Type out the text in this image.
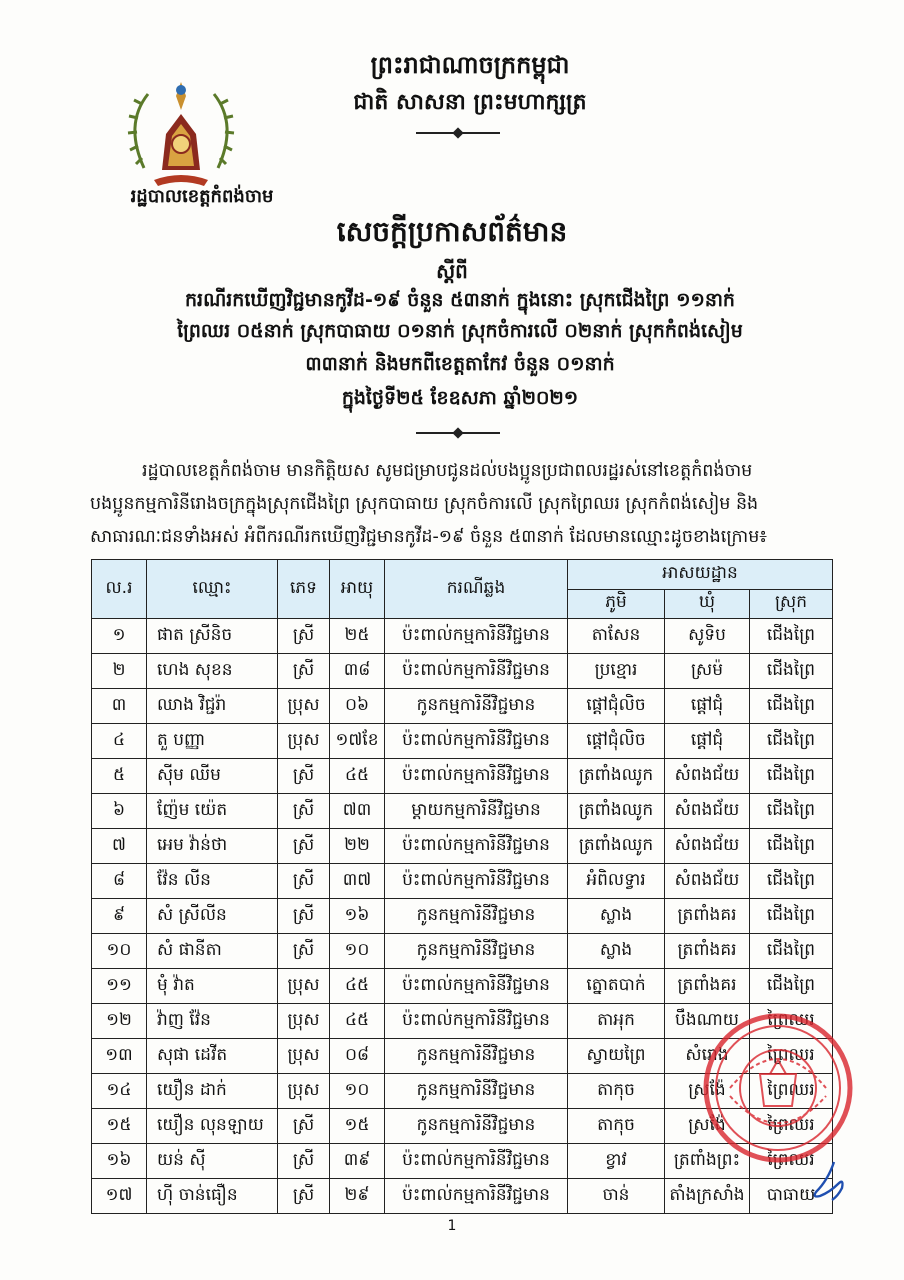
ព្រះរាជាណាចក្រកម្ពុជា
ជាតិ សាសនា ព្រះមហាក្សត្រ
រដ្ឋបាលខេត្តកំពង់ចាម
សេចក្ដីប្រកាសព័ត៌មាន
ស្ដីពី
ករណីរកឃើញវិជ្ជមានកូវីដ-១៩ ចំនួន ៥៣នាក់ ក្នុងនោះ ស្រុកជើងព្រៃ ១១នាក់
ព្រៃឈរ ០៥នាក់ ស្រុកបាធាយ ០១នាក់ ស្រុកចំការលើ ០២នាក់ ស្រុកកំពង់សៀម
៣៣នាក់ និងមកពីខេត្តតាកែវ ចំនួន ០១នាក់
ក្នុងថ្ងៃទី២៥ ខែឧសភា ឆ្នាំ២០២១
រដ្ឋបាលខេត្តកំពង់ចាម មានកិត្តិយស សូមជម្រាបជូនដល់បងប្អូនប្រជាពលរដ្ឋរស់នៅខេត្តកំពង់ចាម
បងប្អូនកម្មការិនីរោងចក្រក្នុងស្រុកជើងព្រៃ ស្រុកបាធាយ ស្រុកចំការលើ ស្រុកព្រៃឈរ ស្រុកកំពង់សៀម និង
សាធារណៈជនទាំងអស់ អំពីករណីរកឃើញវិជ្ជមានកូវីដ-១៩ ចំនួន ៥៣នាក់ ដែលមានឈ្មោះដូចខាងក្រោម៖
ល.រ	ឈ្មោះ	ភេទ	អាយុ	ករណីឆ្លង	អាសយដ្ឋាន		
					ភូមិ	ឃុំ	ស្រុក
១	ផាត ស្រីនិច	ស្រី	២៥	ប៉ះពាល់កម្មការិនីវិជ្ជមាន	តាសែន	សូទិប	ជើងព្រៃ
២	ហេង សុខន	ស្រី	៣៨	ប៉ះពាល់កម្មការិនីវិជ្ជមាន	ប្រខ្មោរ	ស្រម៉	ជើងព្រៃ
៣	ឈាង វិជ្ជរ៉ា	ប្រុស	០៦	កូនកម្មការិនីវិជ្ជមាន	ផ្ដៅជុំលិច	ផ្ដៅជុំ	ជើងព្រៃ
៤	តួ បញ្ញា	ប្រុស	១៧ខែ	ប៉ះពាល់កម្មការិនីវិជ្ជមាន	ផ្ដៅជុំលិច	ផ្ដៅជុំ	ជើងព្រៃ
៥	ស៊ីម ឈីម	ស្រី	៤៥	ប៉ះពាល់កម្មការិនីវិជ្ជមាន	ត្រពាំងឈូក	សំពងជ័យ	ជើងព្រៃ
៦	ញ៉ែម យ៉េត	ស្រី	៧៣	ម្ដាយកម្មការិនីវិជ្ជមាន	ត្រពាំងឈូក	សំពងជ័យ	ជើងព្រៃ
៧	អេម វ៉ាន់ថា	ស្រី	២២	ប៉ះពាល់កម្មការិនីវិជ្ជមាន	ត្រពាំងឈូក	សំពងជ័យ	ជើងព្រៃ
៨	វ៉ែន លីន	ស្រី	៣៧	ប៉ះពាល់កម្មការិនីវិជ្ជមាន	អំពិលទ្វារ	សំពងជ័យ	ជើងព្រៃ
៩	សំ ស្រីលីន	ស្រី	១៦	កូនកម្មការិនីវិជ្ជមាន	ស្លាង	ត្រពាំងគរ	ជើងព្រៃ
១០	សំ ផានីតា	ស្រី	១០	កូនកម្មការិនីវិជ្ជមាន	ស្លាង	ត្រពាំងគរ	ជើងព្រៃ
១១	មុំ វ៉ាត	ប្រុស	៤៥	ប៉ះពាល់កម្មការិនីវិជ្ជមាន	ត្នោតបាក់	ត្រពាំងគរ	ជើងព្រៃ
១២	វ៉ាញ វ៉ែន	ប្រុស	៤៥	ប៉ះពាល់កម្មការិនីវិជ្ជមាន	តាអុក	បឹងណាយ	ព្រៃឈរ
១៣	សុផា ដេវីត	ប្រុស	០៨	កូនកម្មការិនីវិជ្ជមាន	ស្វាយព្រៃ	សំរោង	ព្រៃឈរ
១៤	យឿន ដាក់	ប្រុស	១០	កូនកម្មការិនីវិជ្ជមាន	តាកុច	ស្រង៉ែ	ព្រៃឈរ
១៥	យឿន លុនឡាយ	ស្រី	១៥	កូនកម្មការិនីវិជ្ជមាន	តាកុច	ស្រង៉ែ	ព្រៃឈរ
១៦	យន់ ស៊ី	ស្រី	៣៩	ប៉ះពាល់កម្មការិនីវិជ្ជមាន	ខ្វាវ	ត្រពាំងព្រះ	ព្រៃឈរ
១៧	ហ៊ី ចាន់ធឿន	ស្រី	២៩	ប៉ះពាល់កម្មការិនីវិជ្ជមាន	ចាន់	តាំងក្រសាំង	បាធាយ
1
